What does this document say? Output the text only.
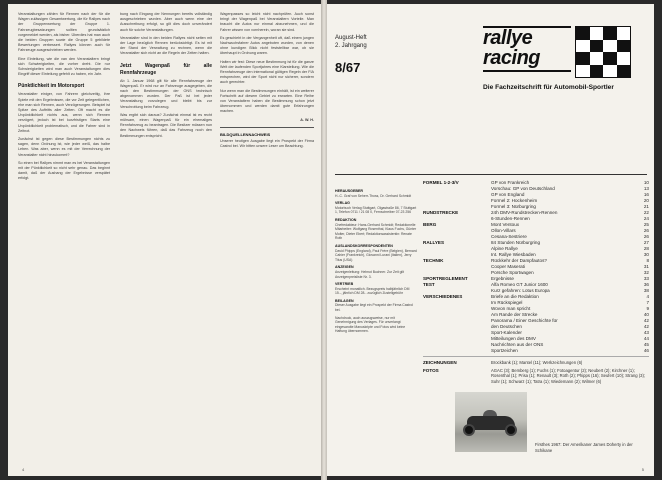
Veranstaltungen zählen für Rennen nach der für die Wagen zulässigen Gesamtwertung, die für Rallyes nach der Gruppenwertung der Gruppe 1. Fahrzeugbesatzungen sollten grundsätzlich vorgemeldet werden, als bisher. Überdies hat man auch die beiden Gruppen sowie die Gruppe 5 gebildete Bewertungen verbessert. Rallyes können auch für Fahrzeuge ausgeschrieben werden.

Eine Einteilung, wie die van den Veranstaltern bringt sich Schwierigkeiten, die vorher dreht. Die nur Schwierigkeiten wird man auch Veranstaltungen dies Eingriff dieser Einteilung gefehlt zu haben, ein Jahr.

Pünktlichkeit im Motorsport

Veranstalter einiger, von Fahrern gleichzeitig, ihre Spiele mit den Ergebnissen, die vor Zeit gelegentlichen, ehe man sich Rennen, auch Verzögerungen. Beispiel ist Spitze des Auftritts aller Zeiten. Oft macht es die Unpünktlichkeit nichts aus, wenn sich Rennen verzögert, jedoch ist bei kurzfristigen Starts eine Unpünktlichkeit problematisch, und die Fahrer sind in Zeitnot.

Zunächst ist gegen diese Bestimmungen nichts zu sagen, denn Ordnung ist, wie jeder weiß, das halbe Leben. Was aber, wenn es mit der Verrechnung der Veranstalter nicht hinzukommt?

So einen bei Rallyes nimmt man es bei Veranstaltungen mit der Pünktlichkeit so nicht sehr genau. Das beginnt damit, daß der Aushang der Ergebnisse verspätet erfolgt.

bung nach Eingang der Nennungen bereits vollständig ausgeschrieben wurden. Aber auch wenn eine der Ausschreibung erfolgt, so gilt dies doch unverändert auch für solche Veranstaltungen.

Veranstalter sind in den beiden Rallyes nicht selten mit der Lage bezüglich Rennen berücksichtigt. Es ist mit der Stand der Verwaltung zu rechnen, wenn die Veranstalter sich nicht an die Regeln der Zeiten halten.

Jetzt Wagenpaß für alle Rennfahrzeuge

Ab 1. Januar 1968 gilt für alle Rennfahrzeuge der Wagenpaß. Er wird nur an Fahrzeuge ausgegeben, die nach den Bestimmungen der ONS technisch abgenommen wurden. Der Paß ist bei jeder Veranstaltung vorzulegen und bleibt bis zur Verschrottung beim Fahrzeug.

Was ergibt sich daraus? Zunächst einmal ist es recht mühsam, einen Wagenpaß für ein ehemaliges Rennfahrzeug zu beantragen. Die Besitzer müssen nun den Nachweis führen, daß das Fahrzeug noch den Bestimmungen entspricht.

Wagenpasses so leicht nicht nachprüfen. Auch sonst bringt der Wagenpaß bei Veranstaltern Vorteile. Man braucht die Autos nur einmal abzunehmen, und die Fahrer wissen von vornherein, woran sie sind.

Es geschieht in der Vergangenheit oft, daß einem jungen Nachwuchsfahrer Autos angeboten wurden, von denen ohne kundigen Blick nicht feststellbar war, ob sie überhaupt in Ordnung waren.

Halten wir fest: Diese neue Bestimmung ist für die ganze Welt der laufenden Sportjahres eine Klarstellung. Wie die Rennfahrzeuge den international gültigen Regeln der FIA entsprechen, wird der Sport nicht nur sicherer, sondern auch gerechter.

Nur wenn man die Bestimmungen einhält, ist ein weiterer Fortschritt auf diesem Gebiet zu erwarten. Eine Reihe von Veranstaltern haben die Bestimmung schon jetzt übernommen und werden damit gute Erfahrungen machen.

A. W. H.

BILDQUELLENNACHWEIS

Unserer heutigen Ausgabe liegt ein Prospekt der Firma Castrol bei. Wir bitten unsere Leser um Beachtung.

4
August-Heft
2. Jahrgang
8/67
rallye
racing
Die Fachzeitschrift für Automobil-Sportler
HERAUSGEBER
H.-C. Graf von Seherr-Thoss, Dr. Gerhard Schmidt
VERLAG
Motorbuch Verlag Stuttgart, Olgastraße 86, 7 Stuttgart 1, Telefon 0711 / 21 08 0, Fernschreiber 07-23 256
REDAKTION
Chefredakteur: Hans-Gerhard Schmidt; Redaktionelle Mitarbeiter: Wolfgang Rosenthal, Klaus Fuchs, Günter Molter, Dieter Ebert; Redaktionsassistentin: Renate Roth
AUSLANDSKORRESPONDENTEN
David Phipps (England), Paul Frère (Belgien), Bernard Cahier (Frankreich), Giovanni Lurani (Italien), Jerry Titus (USA)
ANZEIGEN
Anzeigenleitung: Helmut Buchner. Zur Zeit gilt Anzeigenpreisliste Nr. 3.
VERTRIEB
Erscheint monatlich. Bezugspreis halbjährlich DM 15.-, jährlich DM 28.- zuzüglich Zustellgebühr
BEILAGEN
Dieser Ausgabe liegt ein Prospekt der Firma Castrol bei.
Nachdruck, auch auszugsweise, nur mit Genehmigung des Verlages. Für unverlangt eingesandte Manuskripte und Fotos wird keine Haftung übernommen.
FORMEL 1-2-3/V	GP von Frankreich	10
Vorschau: GP von Deutschland	13
GP von England	16
Formel 2: Hockenheim	20
Formel 3: Nürburgring	21
RUNDSTRECKE	24h DMV-Rundstrecken-Rennen	22
6-Stunden-Rennen	24
BERG	Mont Ventoux	25
Ollon-Villars	26
Cesana-Sestriere	26
RALLYES	84 Stunden Nürburgring	27
Alpine Rallye	28
Int. Rallye Wiesbaden	30
TECHNIK	Rückkehr der Dampfautos?	8
Cooper Maserati	31
Porsche Sportwagen	32
SPORTREGLEMENT	Ergebnisse	33
TEST	Alfa Romeo GT Junior 1600	36
Kurz gefahren: Lotus Europa	38
VERSCHIEDENES	Briefe an die Redaktion	4
Im Rückspiegel	7
Wovon man spricht	9
Am Rande der Strecke	40
Panorama / Einer Geschichte für	42
den Deutschen	42
Sport-Kalender	43
Mitteilungen des DMV	44
Nachrichten aus der ONS	45
Sportzeichen	46
ZEICHNUNGEN	Brockbank (1); Mantel (11); Werkzeichnungen (6)
FOTOS	AGAC (3); Bemberg (1); Fuchs (1); Fotoagentur (2); Neubert (2); Kirchner (1); Rosenthal (1); Prisa (1); Renault (3); Roth (2); Phipps (16); Seufert (10); Strang (3); Suhr (1); Schwarz (1); Tatra (1); Wiedemann (2); Wilmer (6)
Firsthes 1967: Der Amerikaner James Doherty in der Schikane
5
